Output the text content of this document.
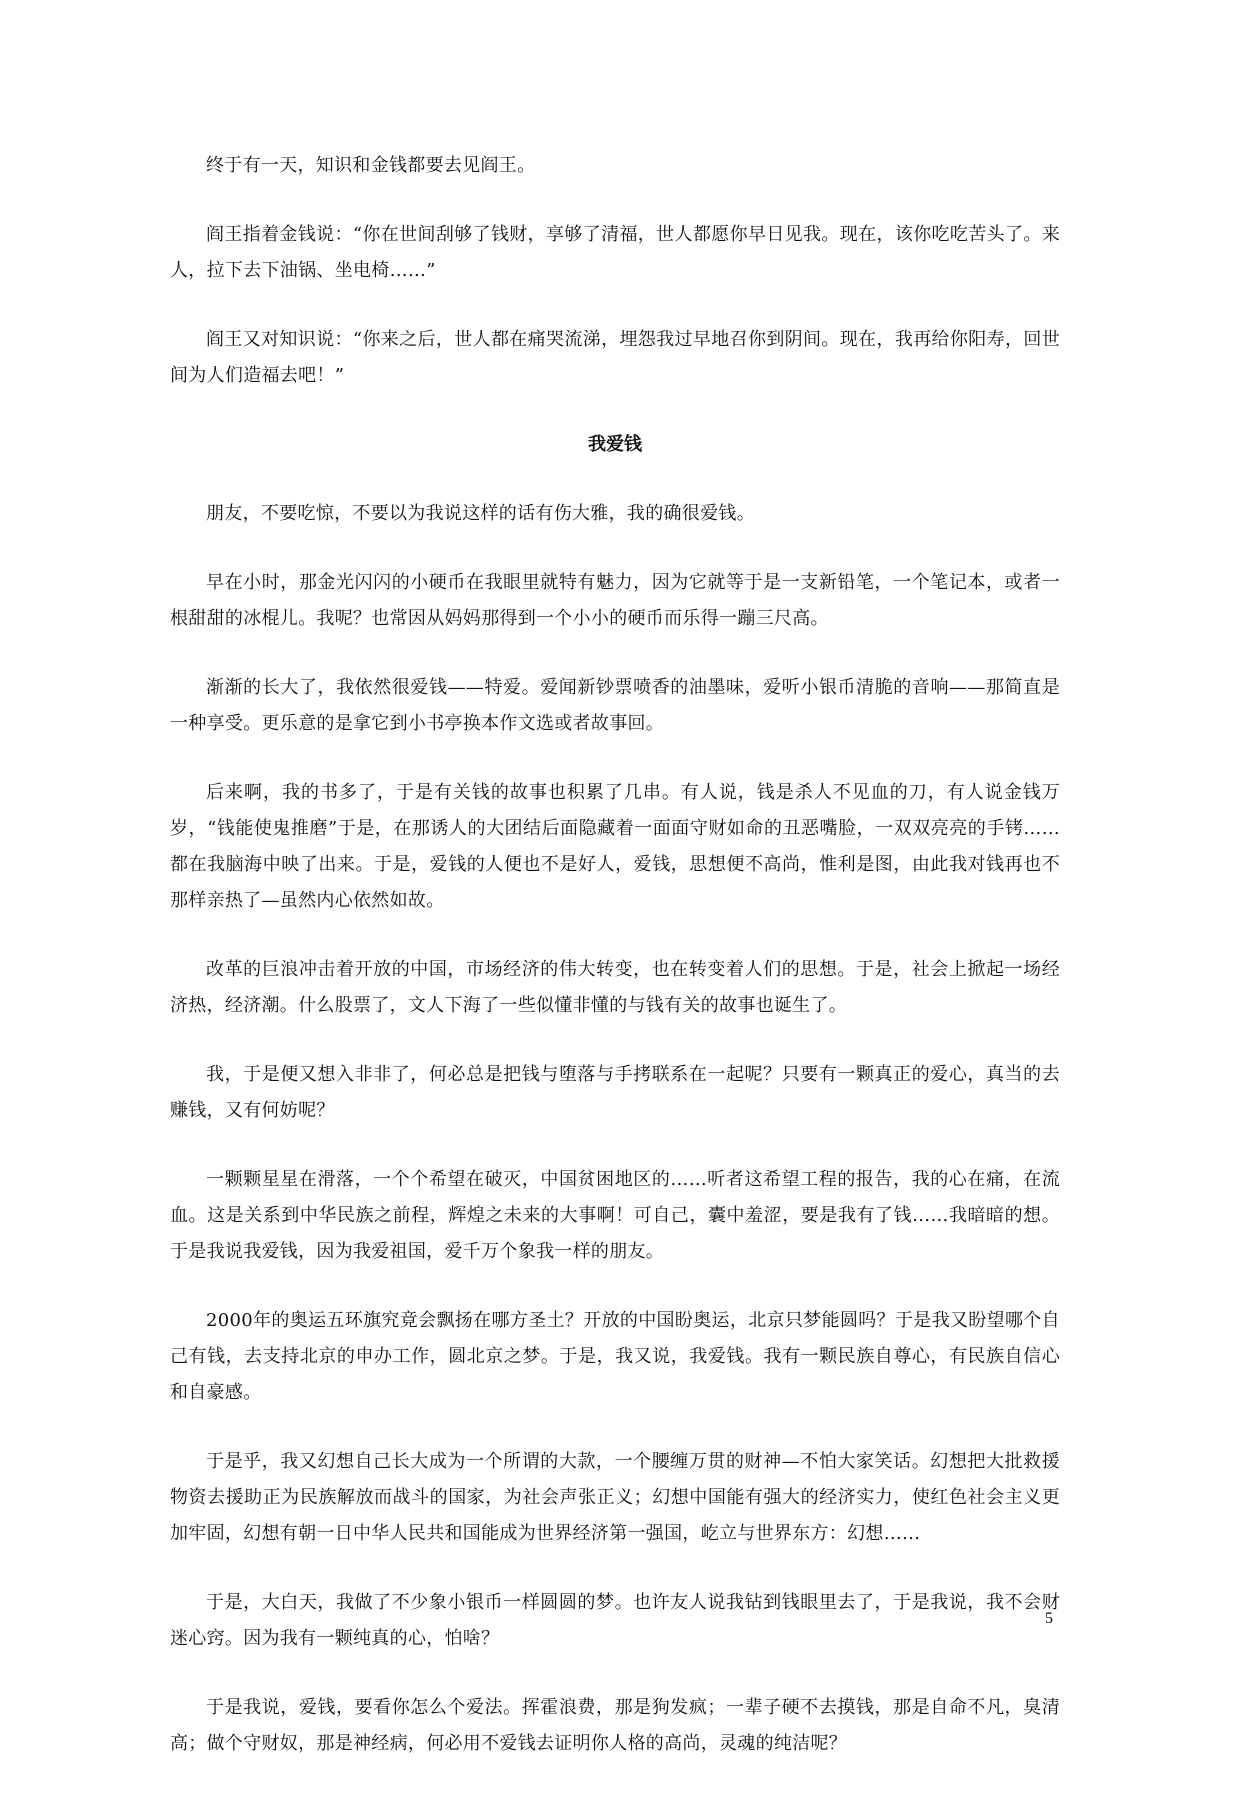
终于有一天，知识和金钱都要去见阎王。

阎王指着金钱说：“你在世间刮够了钱财，享够了清福，世人都愿你早日见我。现在，该你吃吃苦头了。来人，拉下去下油锅、坐电椅……”

阎王又对知识说：“你来之后，世人都在痛哭流涕，埋怨我过早地召你到阴间。现在，我再给你阳寿，回世间为人们造福去吧！”

我爱钱

朋友，不要吃惊，不要以为我说这样的话有伤大雅，我的确很爱钱。

早在小时，那金光闪闪的小硬币在我眼里就特有魅力，因为它就等于是一支新铅笔，一个笔记本，或者一根甜甜的冰棍儿。我呢？也常因从妈妈那得到一个小小的硬币而乐得一蹦三尺高。

渐渐的长大了，我依然很爱钱——特爱。爱闻新钞票喷香的油墨味，爱听小银币清脆的音响——那简直是一种享受。更乐意的是拿它到小书亭换本作文选或者故事回。

后来啊，我的书多了，于是有关钱的故事也积累了几串。有人说，钱是杀人不见血的刀，有人说金钱万岁，“钱能使鬼推磨”于是，在那诱人的大团结后面隐藏着一面面守财如命的丑恶嘴脸，一双双亮亮的手铐……都在我脑海中映了出来。于是，爱钱的人便也不是好人，爱钱，思想便不高尚，惟利是图，由此我对钱再也不那样亲热了—虽然内心依然如故。

改革的巨浪冲击着开放的中国，市场经济的伟大转变，也在转变着人们的思想。于是，社会上掀起一场经济热，经济潮。什么股票了，文人下海了一些似懂非懂的与钱有关的故事也诞生了。

我，于是便又想入非非了，何必总是把钱与堕落与手拷联系在一起呢？只要有一颗真正的爱心，真当的去赚钱，又有何妨呢？

一颗颗星星在滑落，一个个希望在破灭，中国贫困地区的……听者这希望工程的报告，我的心在痛，在流血。这是关系到中华民族之前程，辉煌之未来的大事啊！可自己，囊中羞涩，要是我有了钱……我暗暗的想。于是我说我爱钱，因为我爱祖国，爱千万个象我一样的朋友。

2000年的奥运五环旗究竟会飘扬在哪方圣土？开放的中国盼奥运，北京只梦能圆吗？于是我又盼望哪个自己有钱，去支持北京的申办工作，圆北京之梦。于是，我又说，我爱钱。我有一颗民族自尊心，有民族自信心和自豪感。

于是乎，我又幻想自己长大成为一个所谓的大款，一个腰缠万贯的财神—不怕大家笑话。幻想把大批救援物资去援助正为民族解放而战斗的国家，为社会声张正义；幻想中国能有强大的经济实力，使红色社会主义更加牢固，幻想有朝一日中华人民共和国能成为世界经济第一强国，屹立与世界东方：幻想……

于是，大白天，我做了不少象小银币一样圆圆的梦。也许友人说我钻到钱眼里去了，于是我说，我不会财迷心窍。因为我有一颗纯真的心，怕啥？

于是我说，爱钱，要看你怎么个爱法。挥霍浪费，那是狗发疯；一辈子硬不去摸钱，那是自命不凡，臭清高；做个守财奴，那是神经病，何必用不爱钱去证明你人格的高尚，灵魂的纯洁呢？

5
